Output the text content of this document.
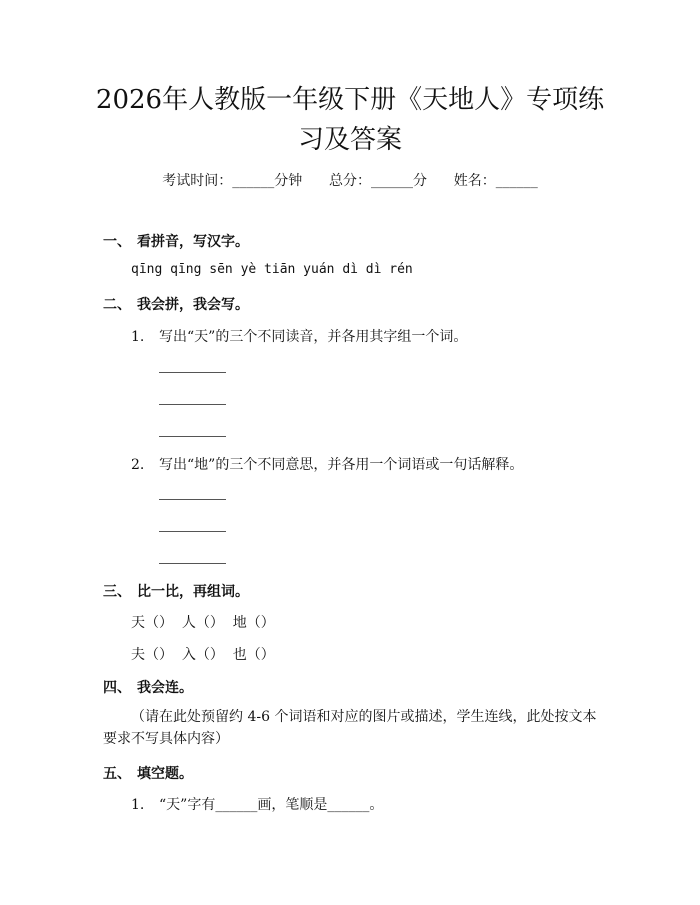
2026年人教版一年级下册《天地人》专项练
习及答案
考试时间：______分钟      总分：______分      姓名：______
一、 看拼音，写汉字。
qīng qīng sēn yè tiān yuán dì dì rén
二、 我会拼，我会写。
1. 写出“天”的三个不同读音，并各用其字组一个词。
2. 写出“地”的三个不同意思，并各用一个词语或一句话解释。
三、 比一比，再组词。
天（）  人（）  地（）
夫（）  入（）  也（）
四、 我会连。
（请在此处预留约 4-6 个词语和对应的图片或描述，学生连线，此处按文本要求不写具体内容）
五、 填空题。
1. “天”字有______画，笔顺是______。
